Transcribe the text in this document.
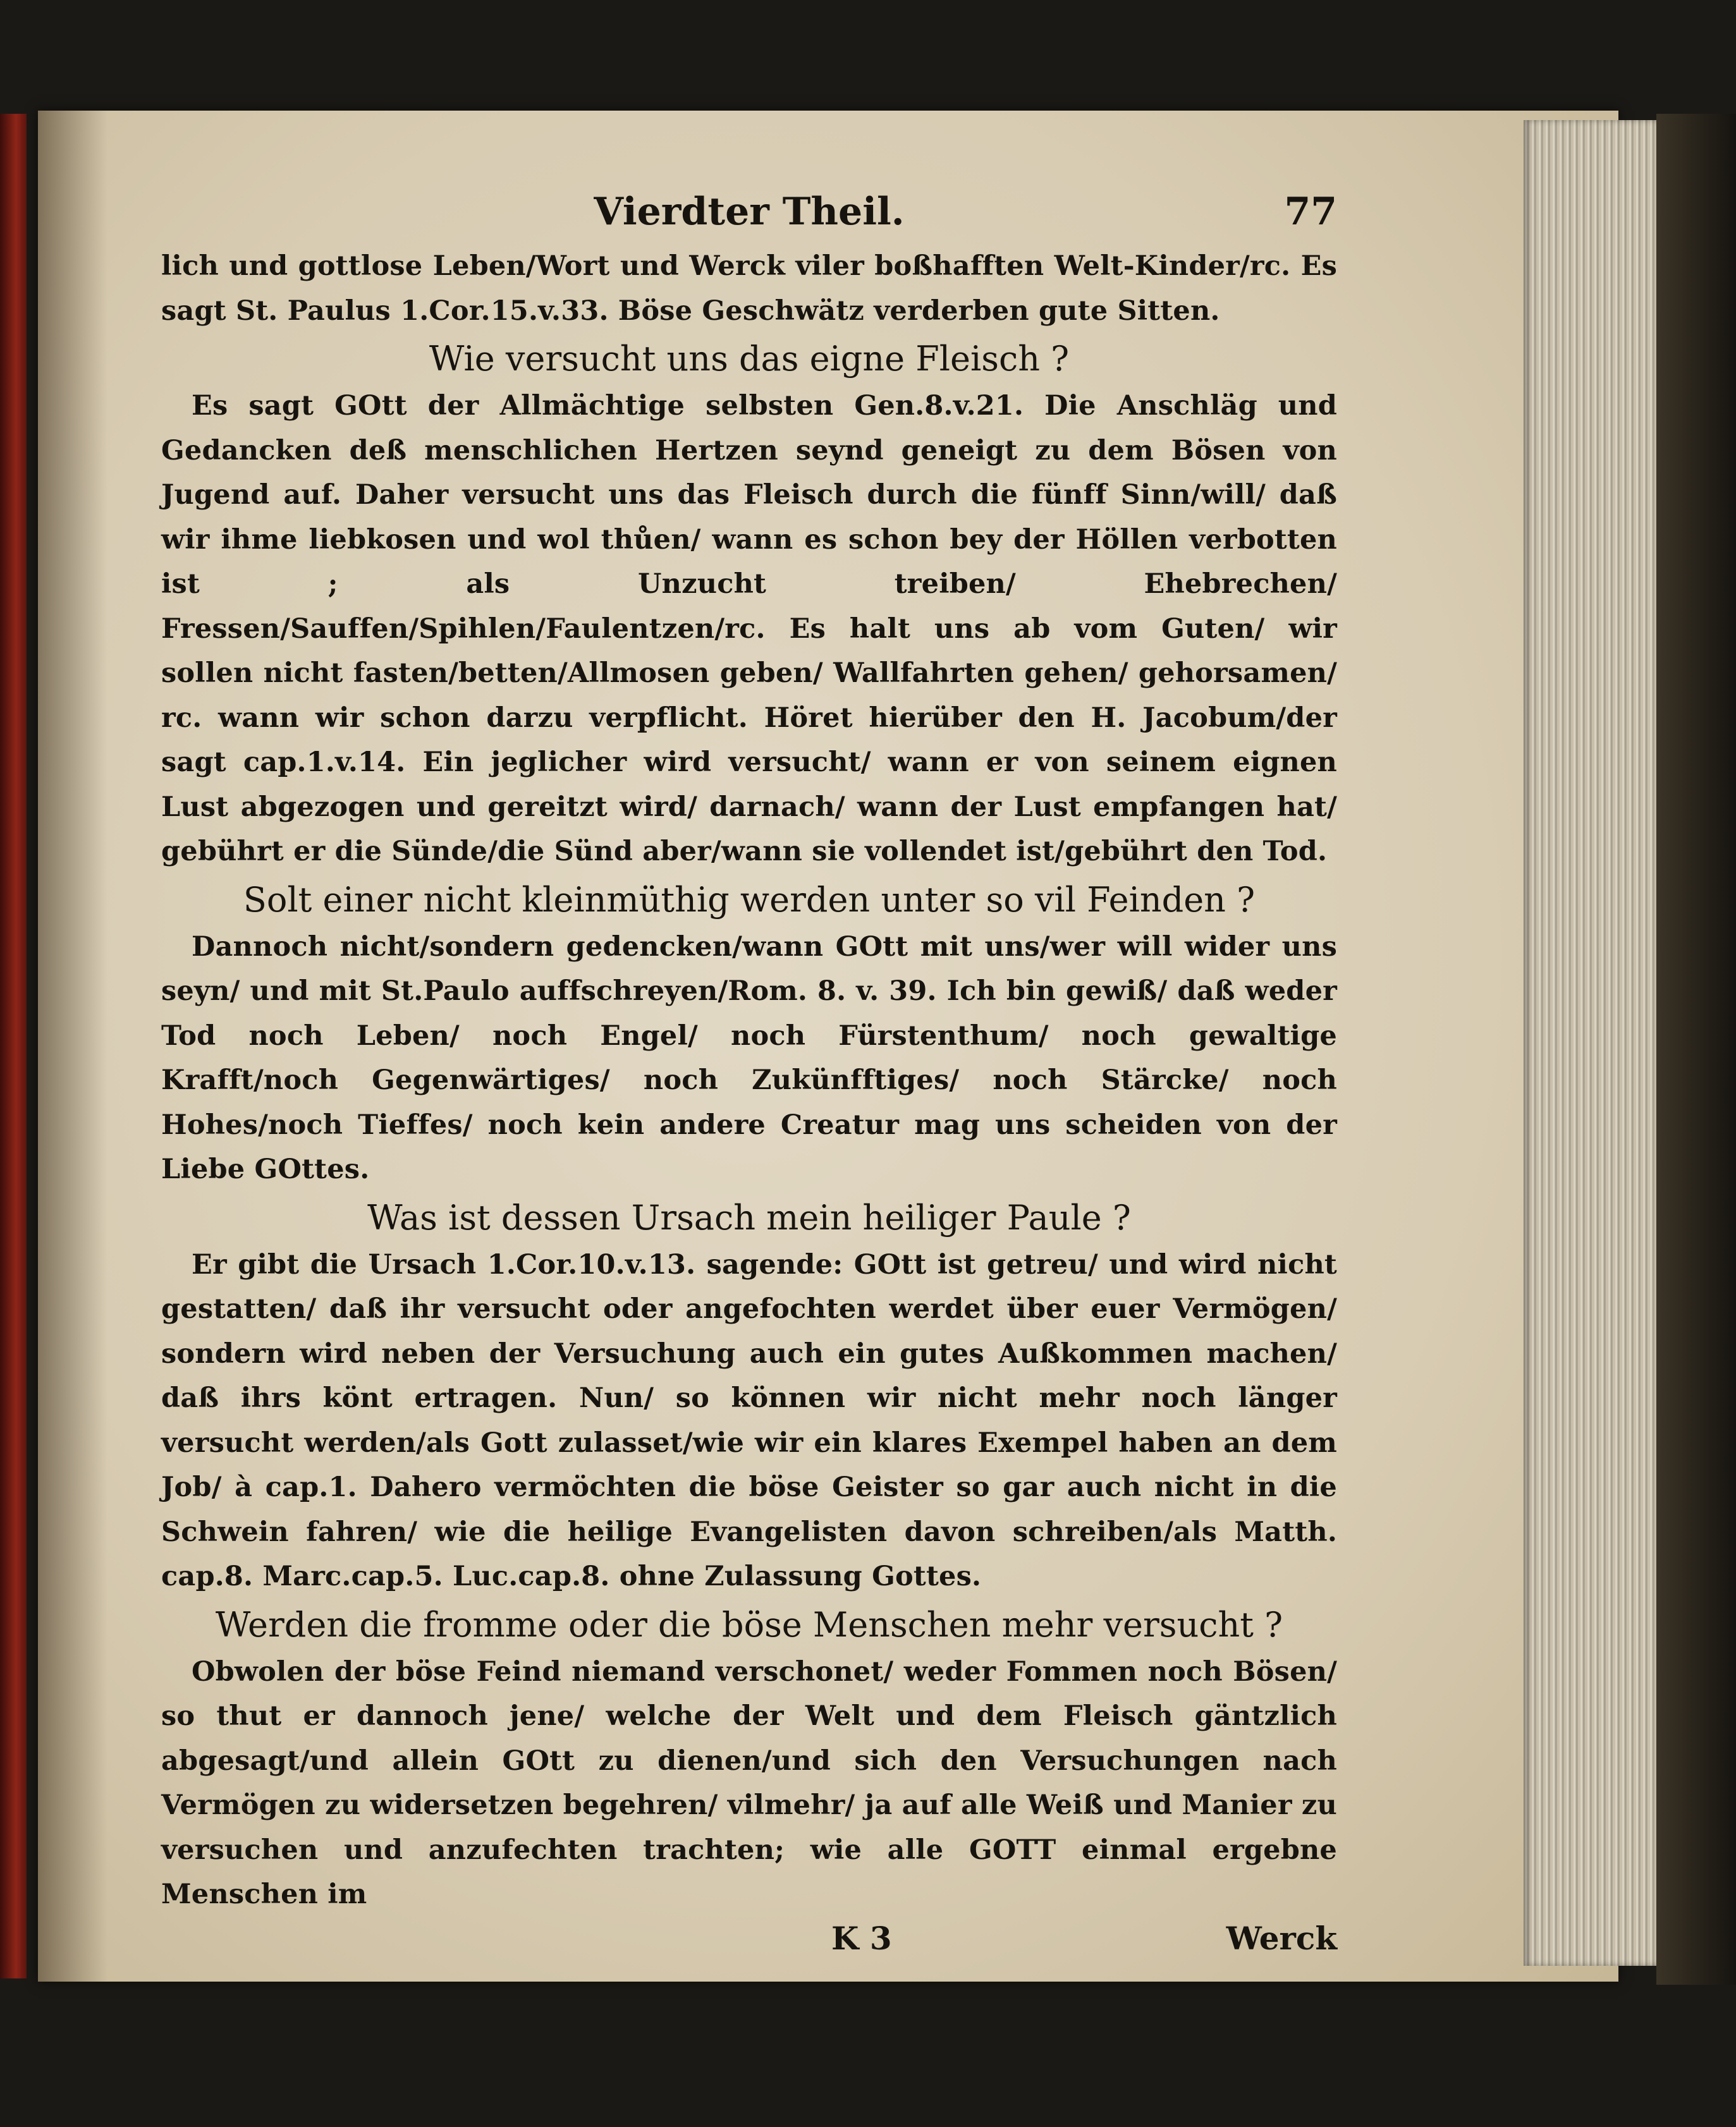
Vierdter Theil.	77

lich und gottlose Leben/Wort und Werck viler boßhafften Welt-Kinder/rc. Es sagt St. Paulus 1.Cor.15.v.33. Böse Geschwätz verderben gute Sitten.

Wie versucht uns das eigne Fleisch ?

Es sagt GOtt der Allmächtige selbsten Gen.8.v.21. Die Anschläg und Gedancken deß menschlichen Hertzen seynd geneigt zu dem Bösen von Jugend auf. Daher versucht uns das Fleisch durch die fünff Sinn/will/ daß wir ihme liebkosen und wol thůen/ wann es schon bey der Höllen verbotten ist ; als Unzucht treiben/ Ehebrechen/ Fressen/Sauffen/Spihlen/Faulentzen/rc. Es halt uns ab vom Guten/ wir sollen nicht fasten/betten/Allmosen geben/ Wallfahrten gehen/ gehorsamen/ rc. wann wir schon darzu verpflicht. Höret hierüber den H. Jacobum/der sagt cap.1.v.14. Ein jeglicher wird versucht/ wann er von seinem eignen Lust abgezogen und gereitzt wird/ darnach/ wann der Lust empfangen hat/ gebührt er die Sünde/die Sünd aber/wann sie vollendet ist/gebührt den Tod.

Solt einer nicht kleinmüthig werden unter so vil Feinden ?

Dannoch nicht/sondern gedencken/wann GOtt mit uns/wer will wider uns seyn/ und mit St.Paulo auffschreyen/Rom. 8. v. 39. Ich bin gewiß/ daß weder Tod noch Leben/ noch Engel/ noch Fürstenthum/ noch gewaltige Krafft/noch Gegenwärtiges/ noch Zukünfftiges/ noch Stärcke/ noch Hohes/noch Tieffes/ noch kein andere Creatur mag uns scheiden von der Liebe GOttes.

Was ist dessen Ursach mein heiliger Paule ?

Er gibt die Ursach 1.Cor.10.v.13. sagende: GOtt ist getreu/ und wird nicht gestatten/ daß ihr versucht oder angefochten werdet über euer Vermögen/ sondern wird neben der Versuchung auch ein gutes Außkommen machen/ daß ihrs könt ertragen. Nun/ so können wir nicht mehr noch länger versucht werden/als Gott zulasset/wie wir ein klares Exempel haben an dem Job/ à cap.1. Dahero vermöchten die böse Geister so gar auch nicht in die Schwein fahren/ wie die heilige Evangelisten davon schreiben/als Matth. cap.8. Marc.cap.5. Luc.cap.8. ohne Zulassung Gottes.

Werden die fromme oder die böse Menschen mehr versucht ?

Obwolen der böse Feind niemand verschonet/ weder Fommen noch Bösen/ so thut er dannoch jene/ welche der Welt und dem Fleisch gäntzlich abgesagt/und allein GOtt zu dienen/und sich den Versuchungen nach Vermögen zu widersetzen begehren/ vilmehr/ ja auf alle Weiß und Manier zu versuchen und anzufechten trachten; wie alle GOTT einmal ergebne Menschen im

K 3	Werck
